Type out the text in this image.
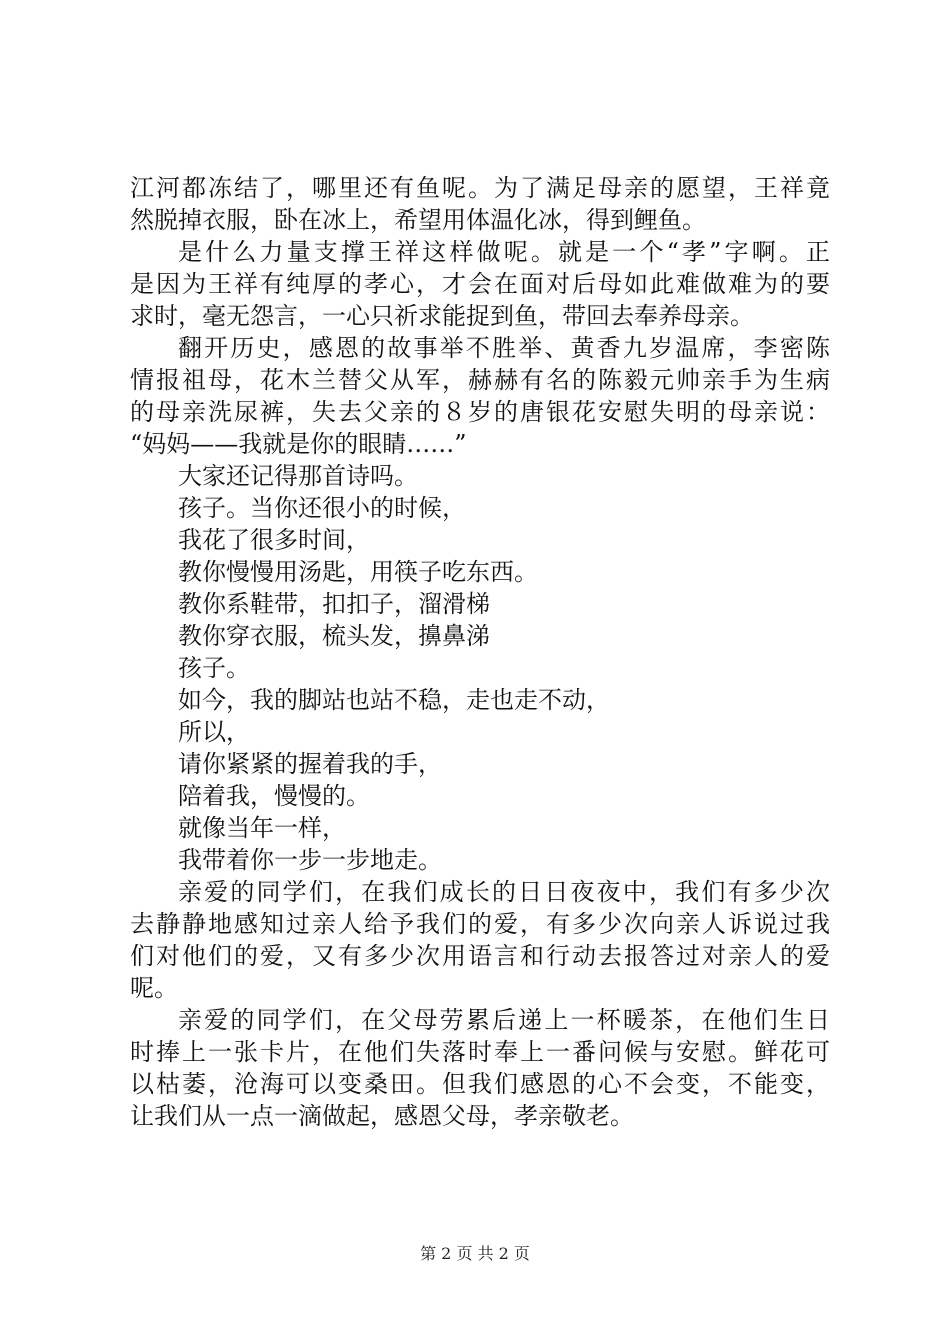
江河都冻结了，哪里还有鱼呢。为了满足母亲的愿望，王祥竟
然脱掉衣服，卧在冰上，希望用体温化冰，得到鲤鱼。
是什么力量支撑王祥这样做呢。就是一个“孝”字啊。正
是因为王祥有纯厚的孝心，才会在面对后母如此难做难为的要
求时，毫无怨言，一心只祈求能捉到鱼，带回去奉养母亲。
翻开历史，感恩的故事举不胜举、黄香九岁温席，李密陈
情报祖母，花木兰替父从军，赫赫有名的陈毅元帅亲手为生病
的母亲洗尿裤，失去父亲的８岁的唐银花安慰失明的母亲说：
“妈妈——我就是你的眼睛……”
大家还记得那首诗吗。
孩子。当你还很小的时候，
我花了很多时间，
教你慢慢用汤匙，用筷子吃东西。
教你系鞋带，扣扣子，溜滑梯
教你穿衣服，梳头发，擤鼻涕
孩子。
如今，我的脚站也站不稳，走也走不动，
所以，
请你紧紧的握着我的手，
陪着我，慢慢的。
就像当年一样，
我带着你一步一步地走。
亲爱的同学们，在我们成长的日日夜夜中，我们有多少次
去静静地感知过亲人给予我们的爱，有多少次向亲人诉说过我
们对他们的爱，又有多少次用语言和行动去报答过对亲人的爱
呢。
亲爱的同学们，在父母劳累后递上一杯暖茶，在他们生日
时捧上一张卡片，在他们失落时奉上一番问候与安慰。鲜花可
以枯萎，沧海可以变桑田。但我们感恩的心不会变，不能变，
让我们从一点一滴做起，感恩父母，孝亲敬老。
第 2 页 共 2 页
